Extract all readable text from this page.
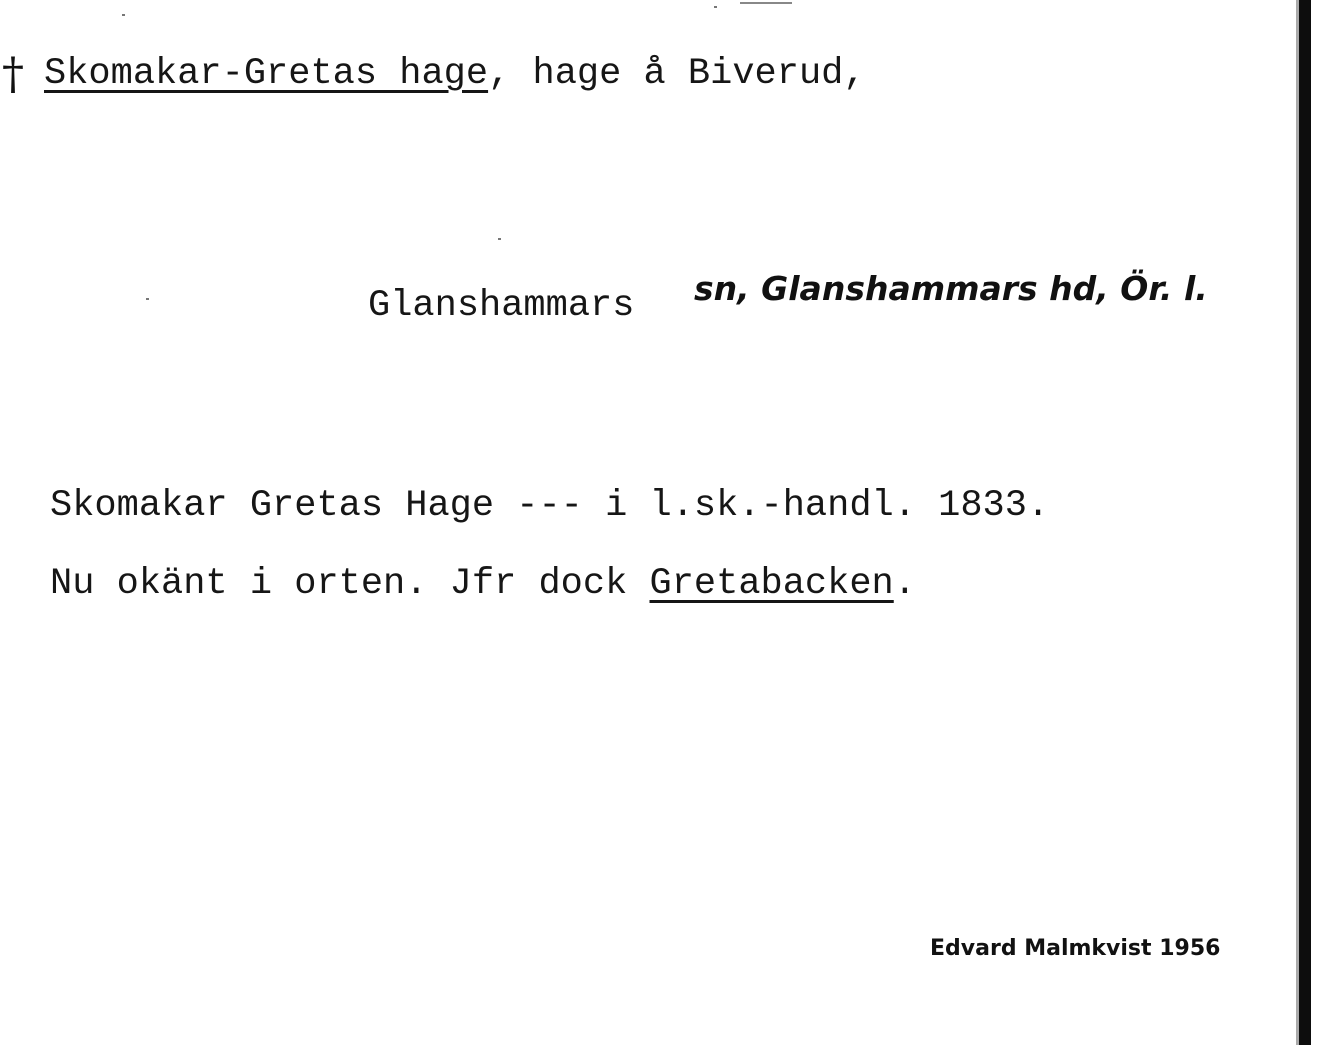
† Skomakar-Gretas hage, hage å Biverud,
Glanshammars sn, Glanshammars hd, Ör. l.
Skomakar Gretas Hage --- i l.sk.-handl. 1833.
Nu okänt i orten. Jfr dock Gretabacken.
Edvard Malmkvist 1956
